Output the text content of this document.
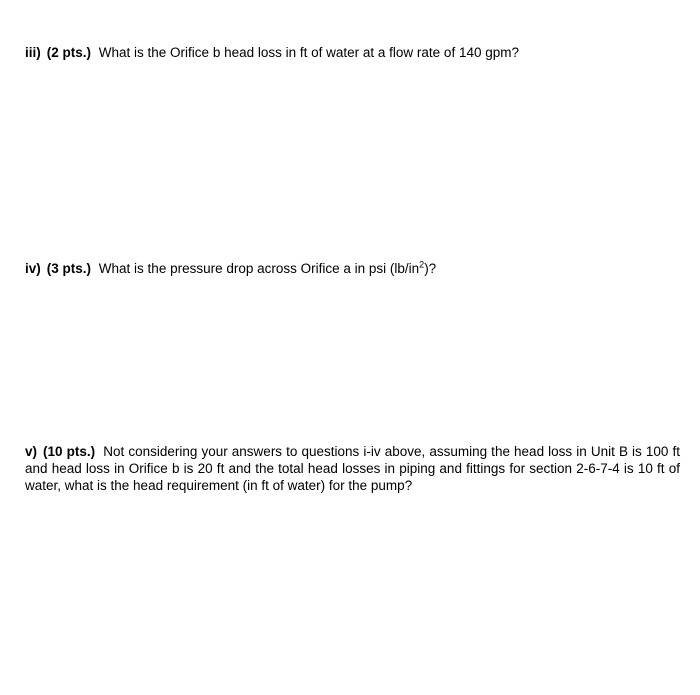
iii) (2 pts.) What is the Orifice b head loss in ft of water at a flow rate of 140 gpm?

iv) (3 pts.) What is the pressure drop across Orifice a in psi $(lb/in^2)$?

v) (10 pts.) Not considering your answers to questions i-iv above, assuming the head loss in Unit B is 100 ft and head loss in Orifice b is 20 ft and the total head losses in piping and fittings for section 2-6-7-4 is 10 ft of water, what is the head requirement (in ft of water) for the pump?
